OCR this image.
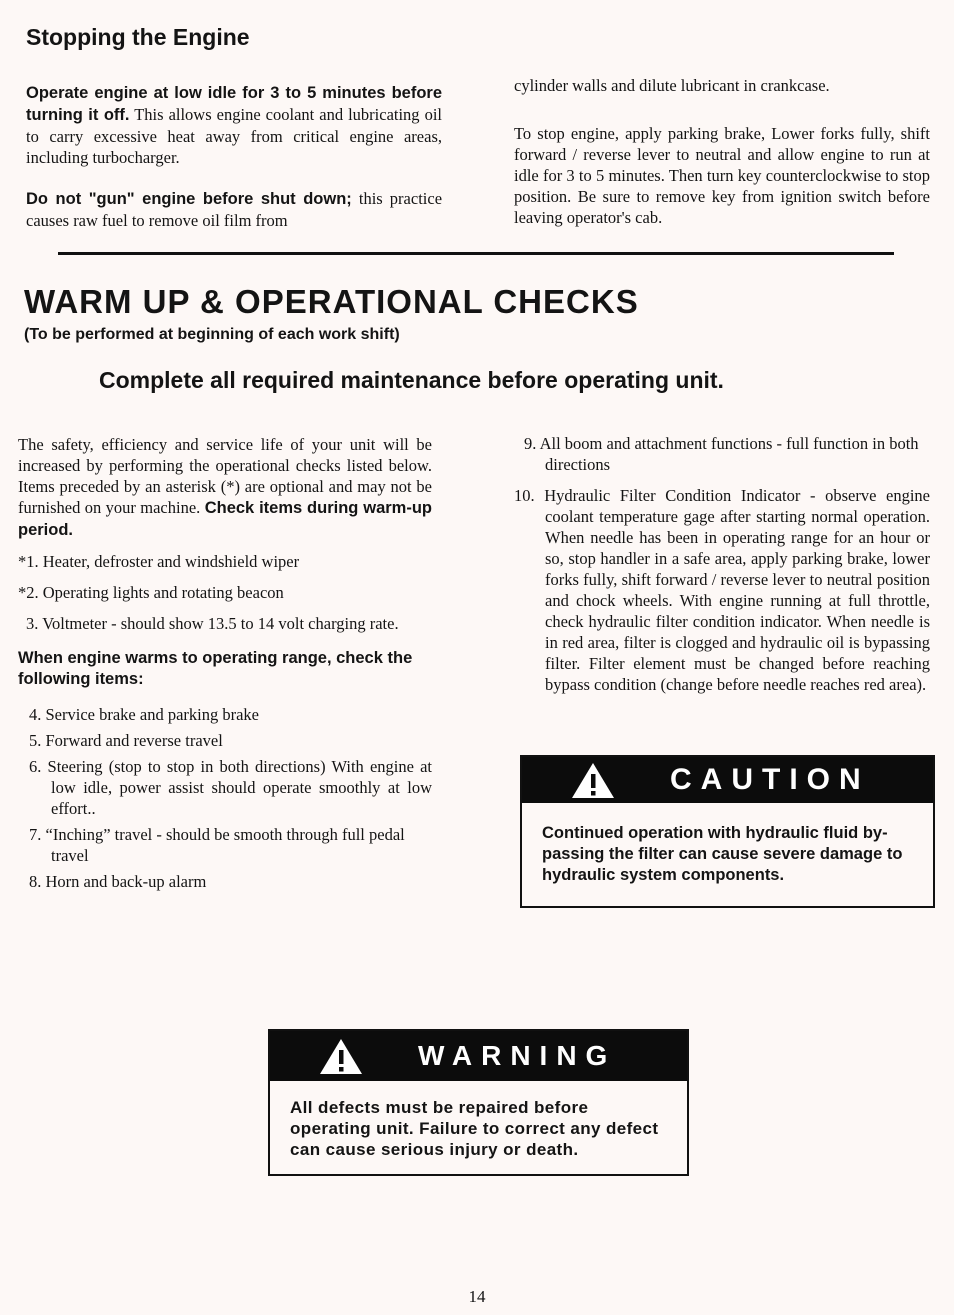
Stopping the Engine

Operate engine at low idle for 3 to 5 minutes before turning it off. This allows engine coolant and lubricating oil to carry excessive heat away from critical engine areas, including turbocharger.

Do not "gun" engine before shut down; this practice causes raw fuel to remove oil film from

cylinder walls and dilute lubricant in crankcase.

To stop engine, apply parking brake, Lower forks fully, shift forward / reverse lever to neutral and allow engine to run at idle for 3 to 5 minutes. Then turn key counterclockwise to stop position. Be sure to remove key from ignition switch before leaving operator's cab.

WARM UP & OPERATIONAL CHECKS
(To be performed at beginning of each work shift)
Complete all required maintenance before operating unit.

The safety, efficiency and service life of your unit will be increased by performing the operational checks listed below. Items preceded by an asterisk (*) are optional and may not be furnished on your machine. Check items during warm-up period.

*1. Heater, defroster and windshield wiper
*2. Operating lights and rotating beacon
3. Voltmeter - should show 13.5 to 14 volt charging rate.
When engine warms to operating range, check the following items:
4. Service brake and parking brake
5. Forward and reverse travel
6. Steering (stop to stop in both directions) With engine at low idle, power assist should operate smoothly at low effort..
7. “Inching” travel - should be smooth through full pedal travel
8. Horn and back-up alarm
9. All boom and attachment functions - full function in both directions
10. Hydraulic Filter Condition Indicator - observe engine coolant temperature gage after starting normal operation. When needle has been in operating range for an hour or so, stop handler in a safe area, apply parking brake, lower forks fully, shift forward / reverse lever to neutral position and chock wheels. With engine running at full throttle, check hydraulic filter condition indicator. When needle is in red area, filter is clogged and hydraulic oil is bypassing filter. Filter element must be changed before reaching bypass condition (change before needle reaches red area).
CAUTION
Continued operation with hydraulic fluid by-passing the filter can cause severe damage to hydraulic system components.
WARNING
All defects must be repaired before operating unit. Failure to correct any defect can cause serious injury or death.
14
